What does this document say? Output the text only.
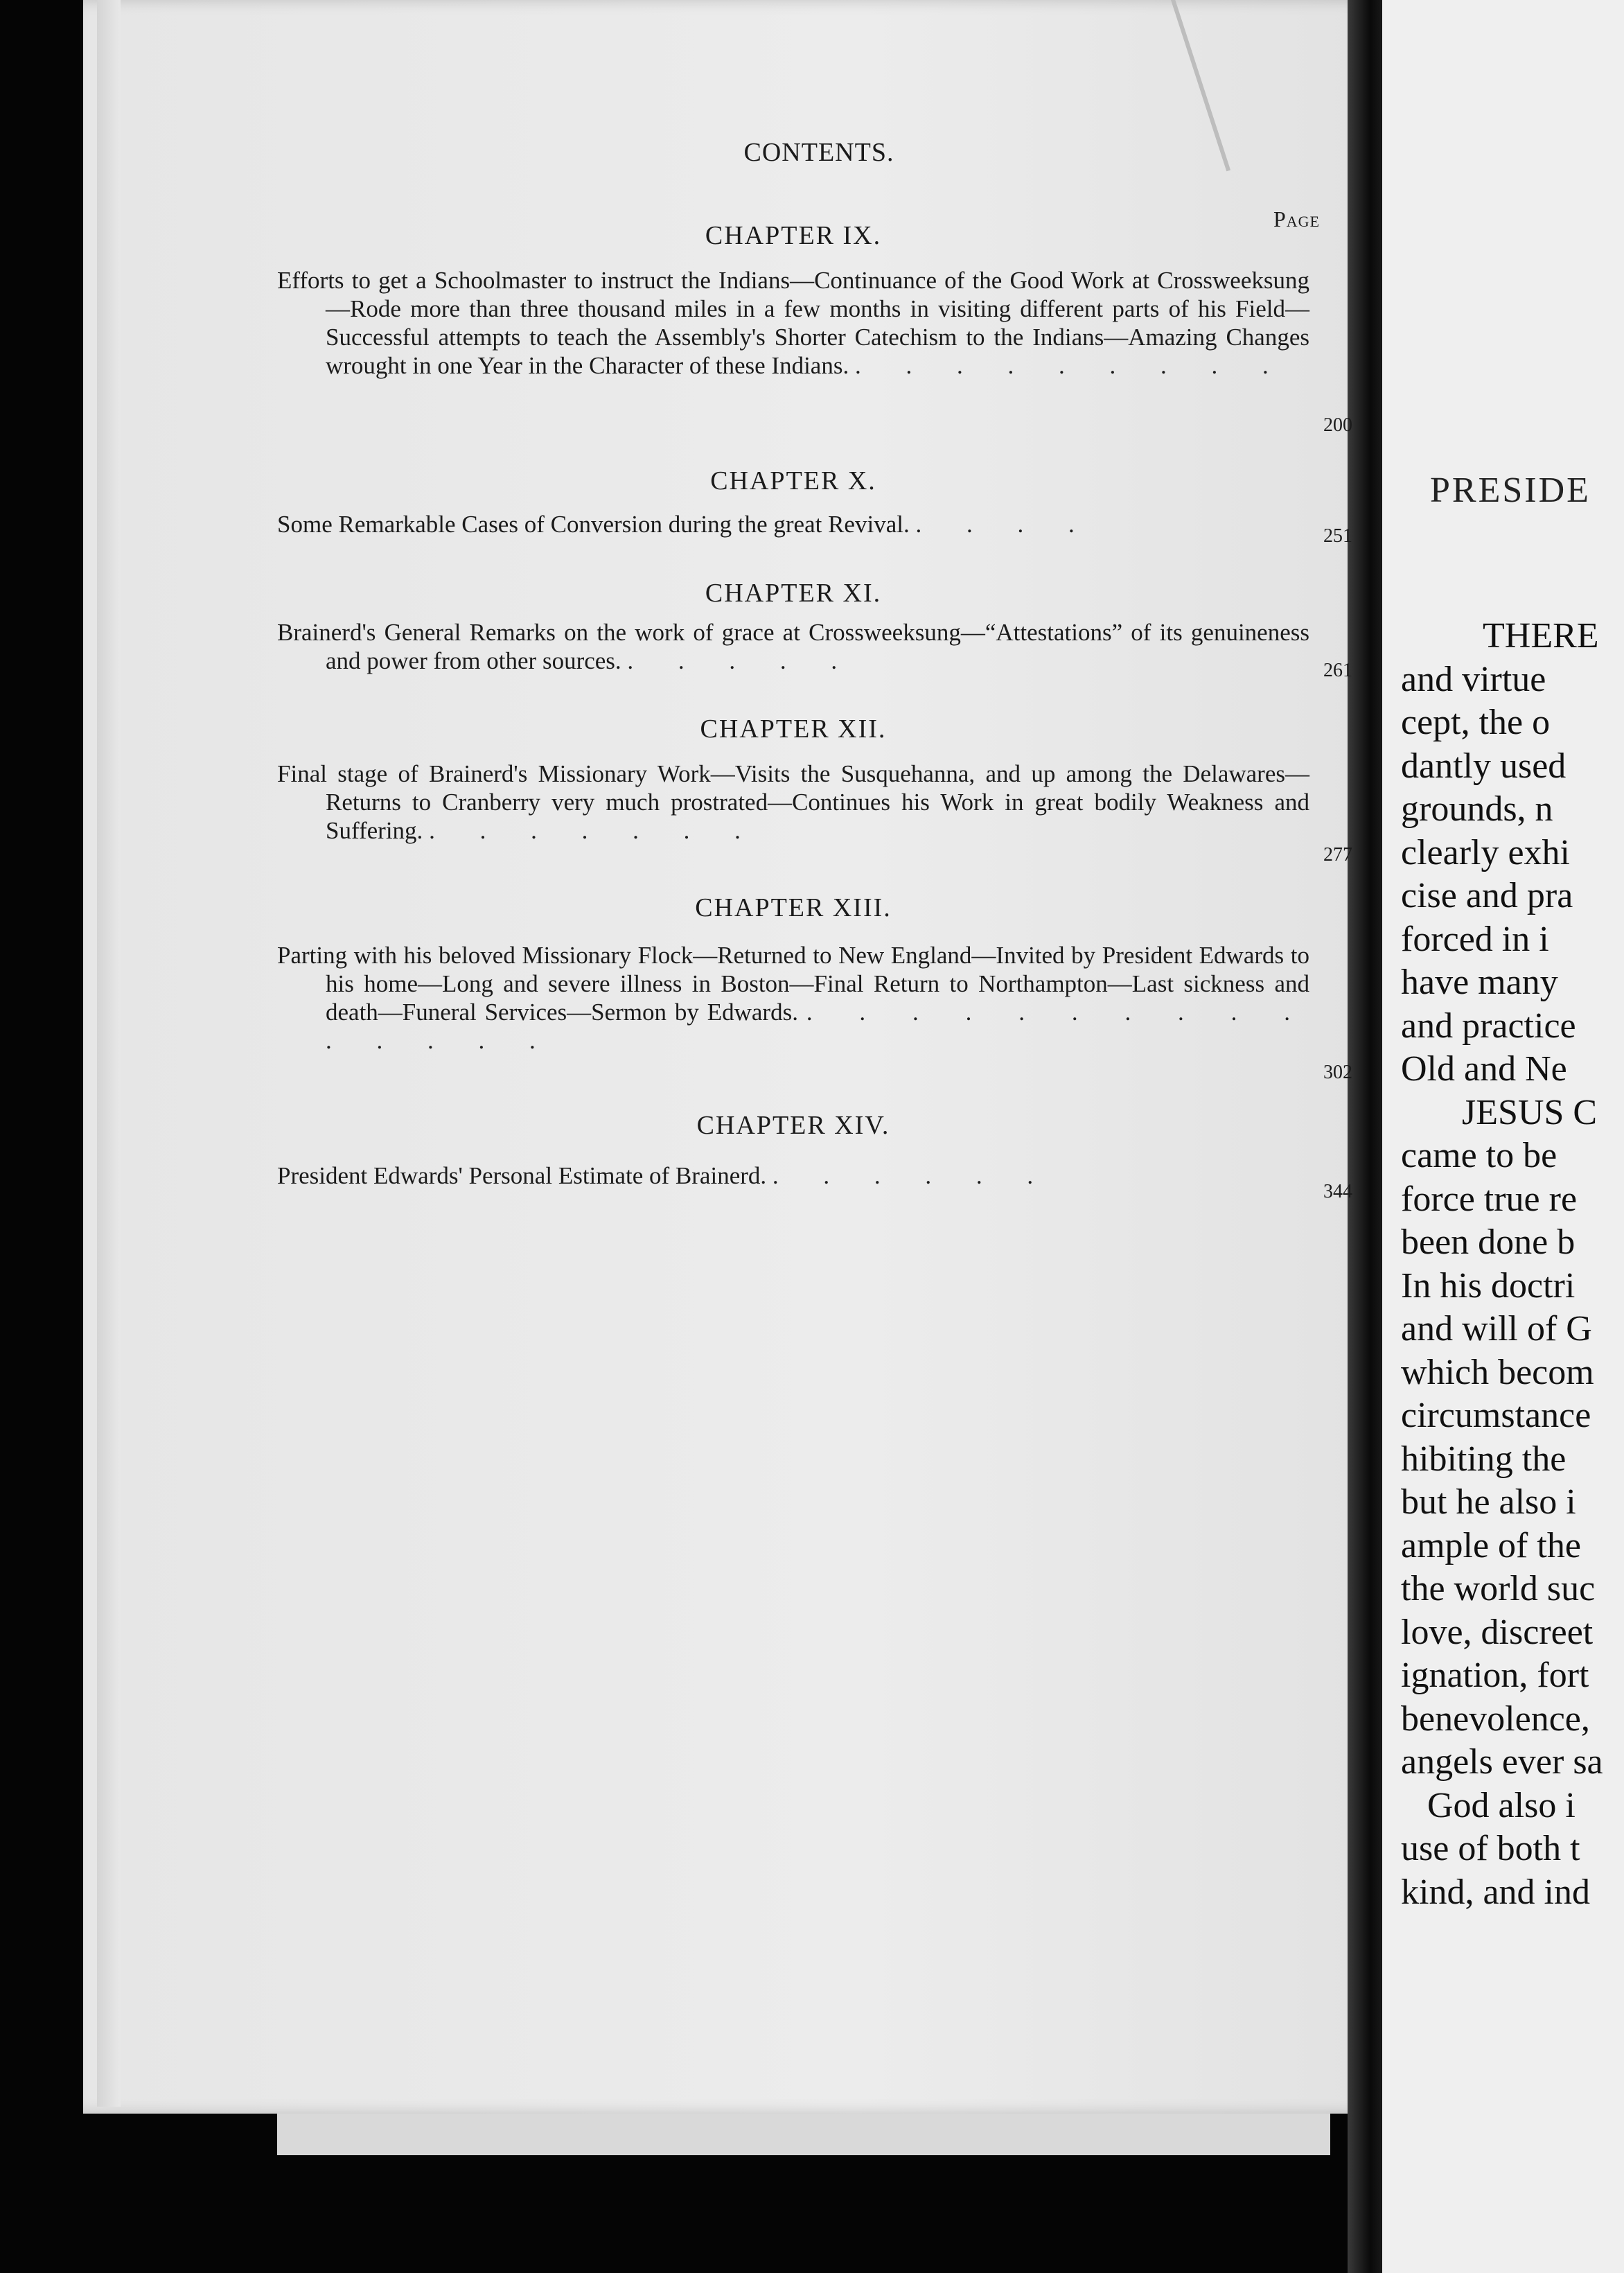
CONTENTS.
Page
CHAPTER IX.
Efforts to get a Schoolmaster to instruct the Indians—Continuance of the Good Work at Crossweeksung—Rode more than three thousand miles in a few months in visiting different parts of his Field—Successful attempts to teach the Assembly's Shorter Catechism to the Indians—Amazing Changes wrought in one Year in the Character of these Indians. . . . . . . . . .
200
CHAPTER X.
Some Remarkable Cases of Conversion during the great Revival. . . . .	251
CHAPTER XI.
Brainerd's General Remarks on the work of grace at Crossweeksung—“Attestations” of its genuineness and power from other sources. . . . . .	261
CHAPTER XII.
Final stage of Brainerd's Missionary Work—Visits the Susquehanna, and up among the Delawares—Returns to Cranberry very much prostrated—Continues his Work in great bodily Weakness and Suffering. . . . . . . .
277
CHAPTER XIII.
Parting with his beloved Missionary Flock—Returned to New England—Invited by President Edwards to his home—Long and severe illness in Boston—Final Return to Northampton—Last sickness and death—Funeral Services—Sermon by Edwards. . . . . . . . . . . . . . . .
302
CHAPTER XIV.
President Edwards' Personal Estimate of Brainerd. . . . . . .
344
PRESIDE
THERE
and virtue
cept, the o
dantly used
grounds, n
clearly exhi
cise and pra
forced in i
have many
and practice
Old and Ne
JESUS C
came to be
force true re
been done b
In his doctri
and will of G
which becom
circumstance
hibiting the
but he also i
ample of the
the world suc
love, discreet
ignation, fort
benevolence,
angels ever sa
God also i
use of both t
kind, and ind
